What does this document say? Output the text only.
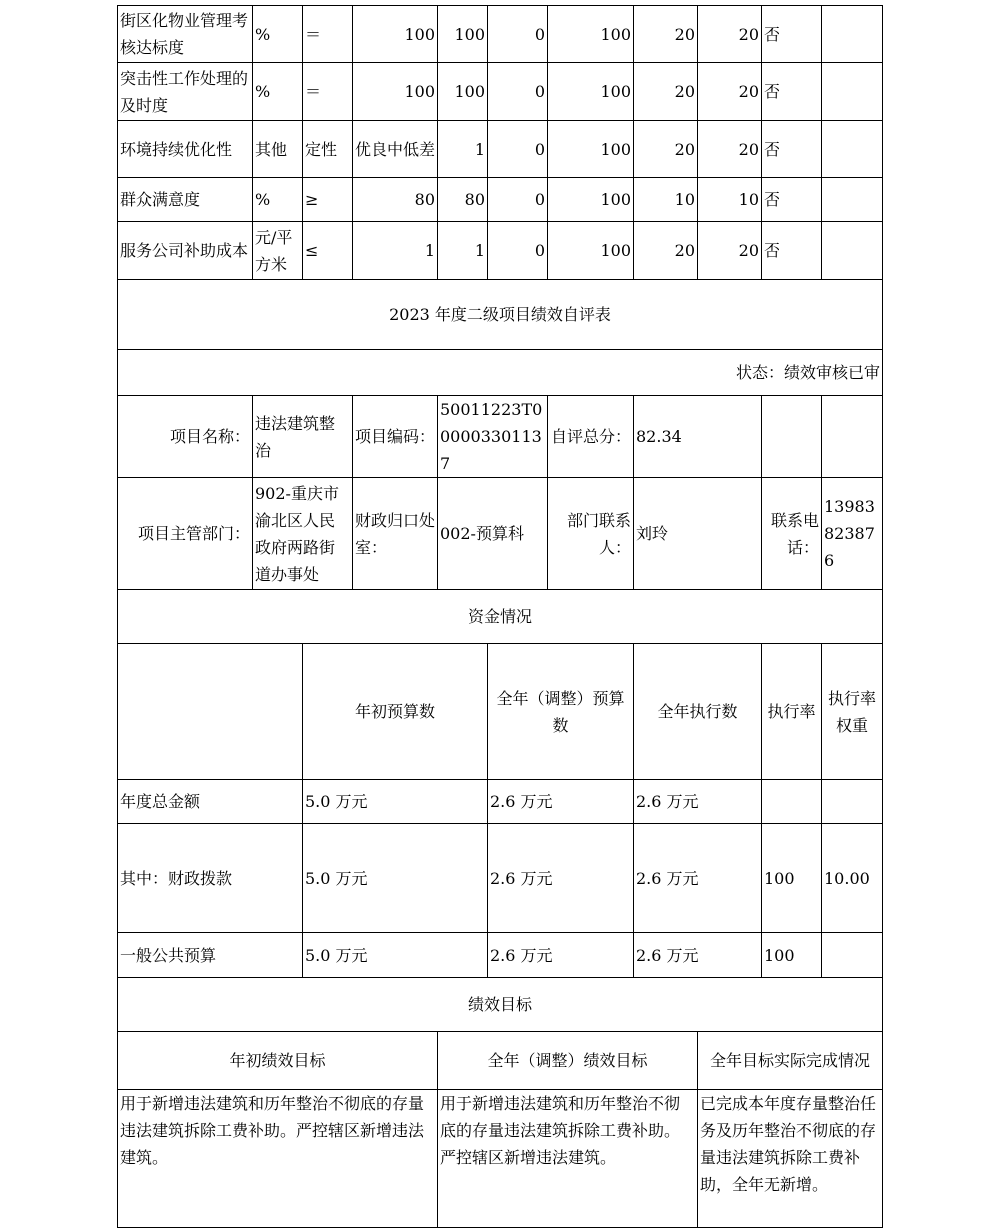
街区化物业管理考核达标度	%	＝	100	100	0	100	20	20	否		
突击性工作处理的及时度	%	＝	100	100	0	100	20	20	否		
环境持续优化性	其他	定性	优良中低差	1	0	100	20	20	否		
群众满意度	%	≥	80	80	0	100	10	10	否		
服务公司补助成本	元/平方米	≤	1	1	0	100	20	20	否		
2023 年度二级项目绩效自评表											
状态：绩效审核已审											
项目名称：	违法建筑整治		项目编码：	50011223T000003301137		自评总分：	82.34				
项目主管部门：	902-重庆市渝北区人民政府两路街道办事处		财政归口处室：	002-预算科		部门联系人：	刘玲		联系电话：	13983823876	
资金情况											
		年初预算数			全年（调整）预算数		全年执行数		执行率	执行率权重	
年度总金额		5.0 万元			2.6 万元		2.6 万元				
其中：财政拨款		5.0 万元			2.6 万元		2.6 万元		100	10.00	
一般公共预算		5.0 万元			2.6 万元		2.6 万元		100		
绩效目标											
年初绩效目标				全年（调整）绩效目标				全年目标实际完成情况			
用于新增违法建筑和历年整治不彻底的存量违法建筑拆除工费补助。严控辖区新增违法建筑。				用于新增违法建筑和历年整治不彻底的存量违法建筑拆除工费补助。严控辖区新增违法建筑。				已完成本年度存量整治任务及历年整治不彻底的存量违法建筑拆除工费补助，全年无新增。			
